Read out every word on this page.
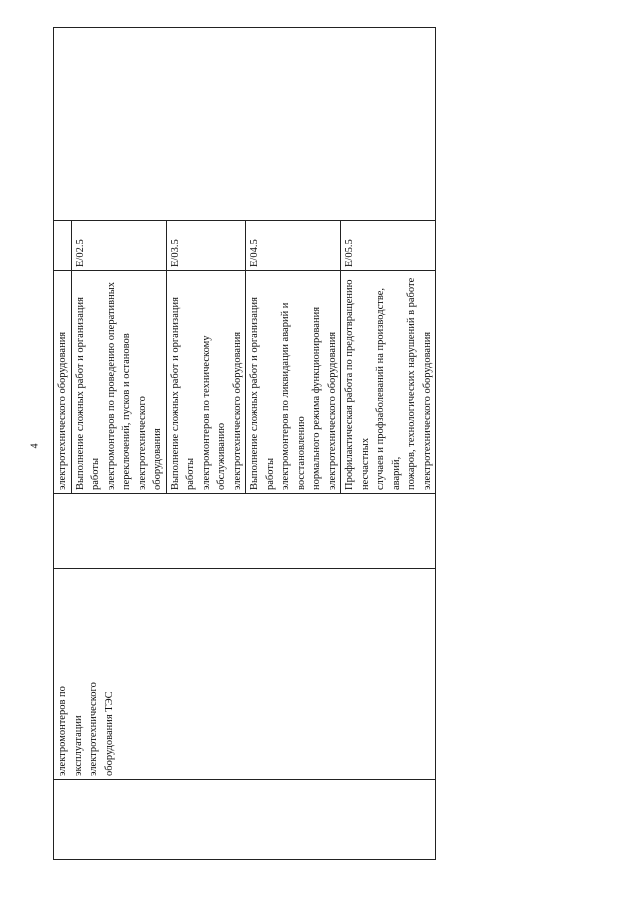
4
	электромонтеров по
эксплуатации
электротехнического
оборудования ТЭС		электротехнического оборудования		
			Выполнение сложных работ и организация работы
электромонтеров по проведению оперативных
переключений, пусков и остановов электротехнического
оборудования	E/02.5	
			Выполнение сложных работ и организация работы
электромонтеров по техническому обслуживанию
электротехнического оборудования	E/03.5	
			Выполнение сложных работ и организация работы
электромонтеров по ликвидации аварий и восстановлению
нормального режима функционирования
электротехнического оборудования	E/04.5	
			Профилактическая работа по предотвращению несчастных
случаев и профзаболеваний на производстве, аварий,
пожаров, технологических нарушений в работе
электротехнического оборудования	E/05.5	
